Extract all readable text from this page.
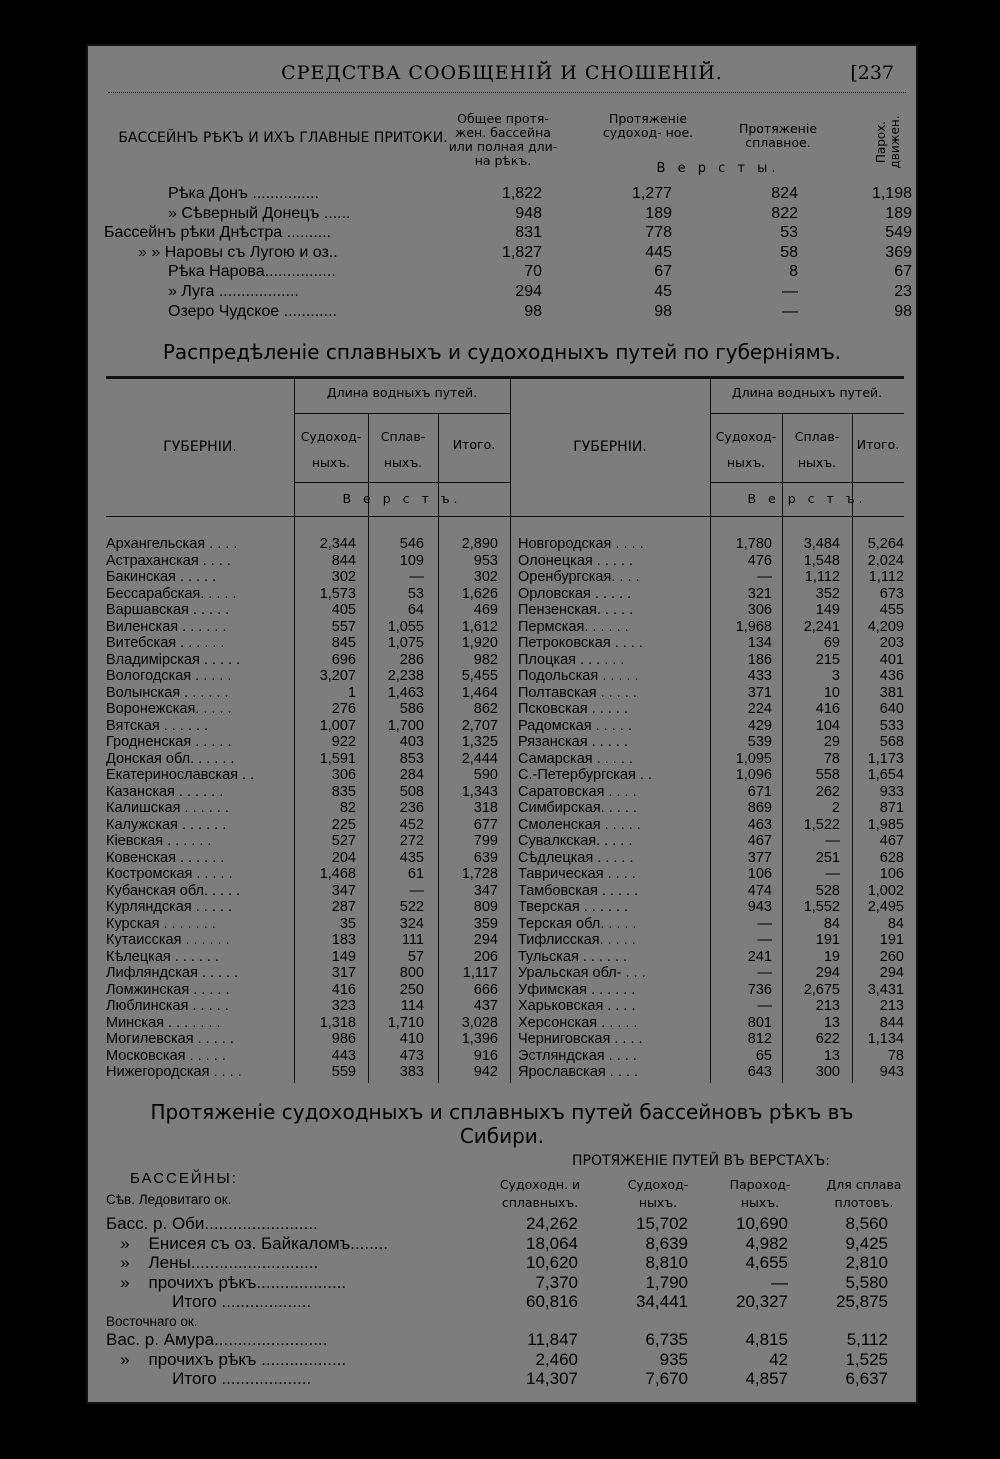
СРЕДСТВА СООБЩЕНІЙ И СНОШЕНІЙ.	[237
БАССЕЙНЪ РѢКЪ И ИХЪ ГЛАВНЫЕ ПРИТОКИ.
Общее протя- жен. бассейна или полная дли- на рѣкъ.
Протяженіе судоход- ное.	Протяженіе сплавное.	Парох. движен.
В е р с т ы.
Рѣка Донъ ...............	1,822	1,277	824	1,198
» Сѣверный Донецъ ......	948	189	822	189
Бассейнъ рѣки Днѣстра ..........	831	778	53	549
» » Наровы съ Лугою и оз..	1,827	445	58	369
Рѣка Нарова................	70	67	8	67
» Луга ..................	294	45	—	23
Озеро Чудское ............	98	98	—	98
Распредѣленіе сплавныхъ и судоходныхъ путей по губерніямъ.
Длина водныхъ путей.	Длина водныхъ путей.
ГУБЕРНІИ.	ГУБЕРНІИ.
Судоход- ныхъ.
Сплав- ныхъ.
Итого.
Судоход- ныхъ.
Сплав- ныхъ.
Итого.
В е р с т ъ.	В е р с т ъ.
Архангельская . . . .	2,344	546	2,890
Астраханская . . . .	844	109	953
Бакинская . . . . .	302	—	302
Бессарабская. . . . .	1,573	53	1,626
Варшавская . . . . .	405	64	469
Виленская . . . . . .	557	1,055	1,612
Витебская . . . . . .	845	1,075	1,920
Владимірская . . . . .	696	286	982
Вологодская . . . . .	3,207	2,238	5,455
Волынская . . . . . .	1	1,463	1,464
Воронежская. . . . .	276	586	862
Вятская . . . . . .	1,007	1,700	2,707
Гродненская . . . . .	922	403	1,325
Донская обл. . . . . .	1,591	853	2,444
Екатеринославская . .	306	284	590
Казанская . . . . . .	835	508	1,343
Калишская . . . . . .	82	236	318
Калужская . . . . . .	225	452	677
Кіевская . . . . . .	527	272	799
Ковенская . . . . . .	204	435	639
Костромская . . . . .	1,468	61	1,728
Кубанская обл. . . . .	347	—	347
Курляндская . . . . .	287	522	809
Курская . . . . . . .	35	324	359
Кутаисская . . . . . .	183	111	294
Кѣлецкая . . . . . .	149	57	206
Лифляндская . . . . .	317	800	1,117
Ломжинская . . . . .	416	250	666
Люблинская . . . . .	323	114	437
Минская . . . . . . .	1,318	1,710	3,028
Могилевская . . . . .	986	410	1,396
Московская . . . . .	443	473	916
Нижегородская . . . .	559	383	942
Новгородская . . . .	1,780	3,484	5,264
Олонецкая . . . . .	476	1,548	2,024
Оренбургская. . . .	—	1,112	1,112
Орловская . . . . .	321	352	673
Пензенская. . . . .	306	149	455
Пермская. . . . . .	1,968	2,241	4,209
Петроковская . . . .	134	69	203
Плоцкая . . . . . .	186	215	401
Подольская . . . . .	433	3	436
Полтавская . . . . .	371	10	381
Псковская . . . . .	224	416	640
Радомская . . . . .	429	104	533
Рязанская . . . . .	539	29	568
Самарская . . . . .	1,095	78	1,173
С.-Петербургская . .	1,096	558	1,654
Саратовская . . . .	671	262	933
Симбирская. . . . .	869	2	871
Смоленская . . . . .	463	1,522	1,985
Сувалкская. . . . .	467	—	467
Сѣдлецкая . . . . .	377	251	628
Таврическая . . . .	106	—	106
Тамбовская . . . . .	474	528	1,002
Тверская . . . . . .	943	1,552	2,495
Терская обл. . . . .	—	84	84
Тифлисская. . . . .	—	191	191
Тульская . . . . . .	241	19	260
Уральская обл- . . .	—	294	294
Уфимская . . . . . .	736	2,675	3,431
Харьковская . . . .	—	213	213
Херсонская . . . . .	801	13	844
Черниговская . . . .	812	622	1,134
Эстляндская . . . .	65	13	78
Ярославская . . . .	643	300	943
Протяженіе судоходныхъ и сплавныхъ путей бассейновъ рѣкъ въ
Сибири.
ПРОТЯЖЕНІЕ ПУТЕЙ ВЪ ВЕРСТАХЪ:
БАССЕЙНЫ:
Сѣв. Ледовитаго ок.
Судоходн. и сплавныхъ.
Судоход- ныхъ.
Пароход- ныхъ.
Для сплава плотовъ.
Басс. р. Оби........................	24,262	15,702	10,690	8,560
»    Енисея съ оз. Байкаломъ........	18,064	8,639	4,982	9,425
»    Лены...........................	10,620	8,810	4,655	2,810
»    прочихъ рѣкъ...................	7,370	1,790	—	5,580
Итого ...................	60,816	34,441	20,327	25,875
Восточнаго ок.
Вас. р. Амура........................	11,847	6,735	4,815	5,112
»    прочихъ рѣкъ ..................	2,460	935	42	1,525
Итого ...................	14,307	7,670	4,857	6,637
